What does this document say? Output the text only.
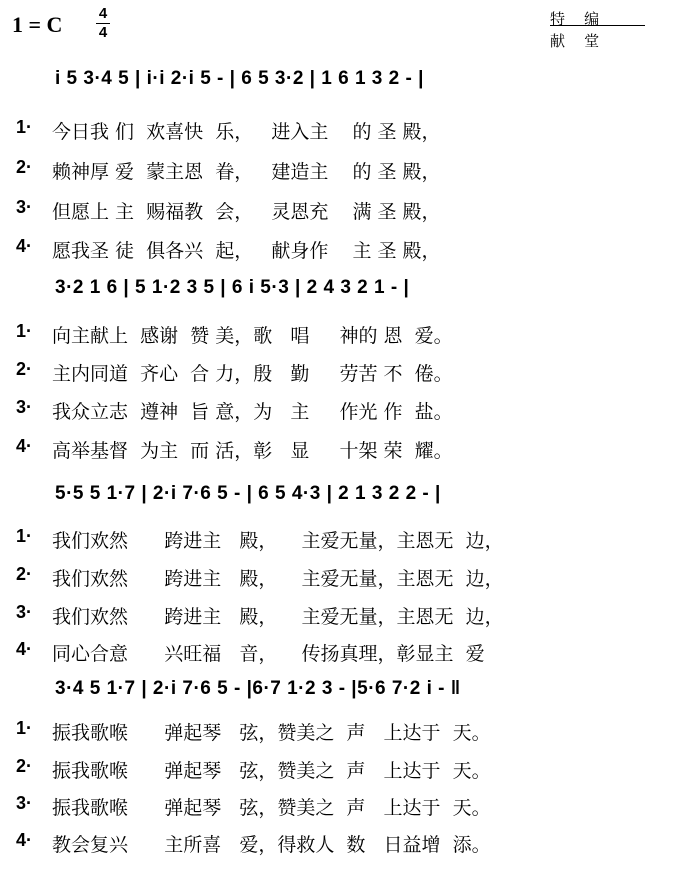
1 = C 4
4
特    编
献    堂
i 5 3·4 5 | i·i 2·i 5 - | 6 5 3·2 | 1 6 1 3 2 - |
1· 今日我 们  欢喜快  乐，   进入主    的 圣 殿，
2· 赖神厚 爱  蒙主恩  眷，   建造主    的 圣 殿，
3· 但愿上 主  赐福教  会，   灵恩充    满 圣 殿，
4· 愿我圣 徒  俱各兴  起，   献身作    主 圣 殿，
3·2 1 6 | 5 1·2 3 5 | 6 i 5·3 | 2 4 3 2 1 - |
1· 向主献上  感谢  赞 美，歌   唱     神的 恩  爱。
2· 主内同道  齐心  合 力，殷   勤     劳苦 不  倦。
3· 我众立志  遵神  旨 意，为   主     作光 作  盐。
4· 高举基督  为主  而 活，彰   显     十架 荣  耀。
5·5 5 1·7 | 2·i 7·6 5 - | 6 5 4·3 | 2 1 3 2 2 - |
1· 我们欢然      跨进主   殿，    主爱无量，主恩无  边，
2· 我们欢然      跨进主   殿，    主爱无量，主恩无  边，
3· 我们欢然      跨进主   殿，    主爱无量，主恩无  边，
4· 同心合意      兴旺福   音，    传扬真理，彰显主  爱
3·4 5 1·7 | 2·i 7·6 5 - |6·7 1·2 3 - |5·6 7·2 i - ‖
1· 振我歌喉      弹起琴   弦，赞美之  声   上达于  天。
2· 振我歌喉      弹起琴   弦，赞美之  声   上达于  天。
3· 振我歌喉      弹起琴   弦，赞美之  声   上达于  天。
4· 教会复兴      主所喜   爱，得救人  数   日益增  添。
